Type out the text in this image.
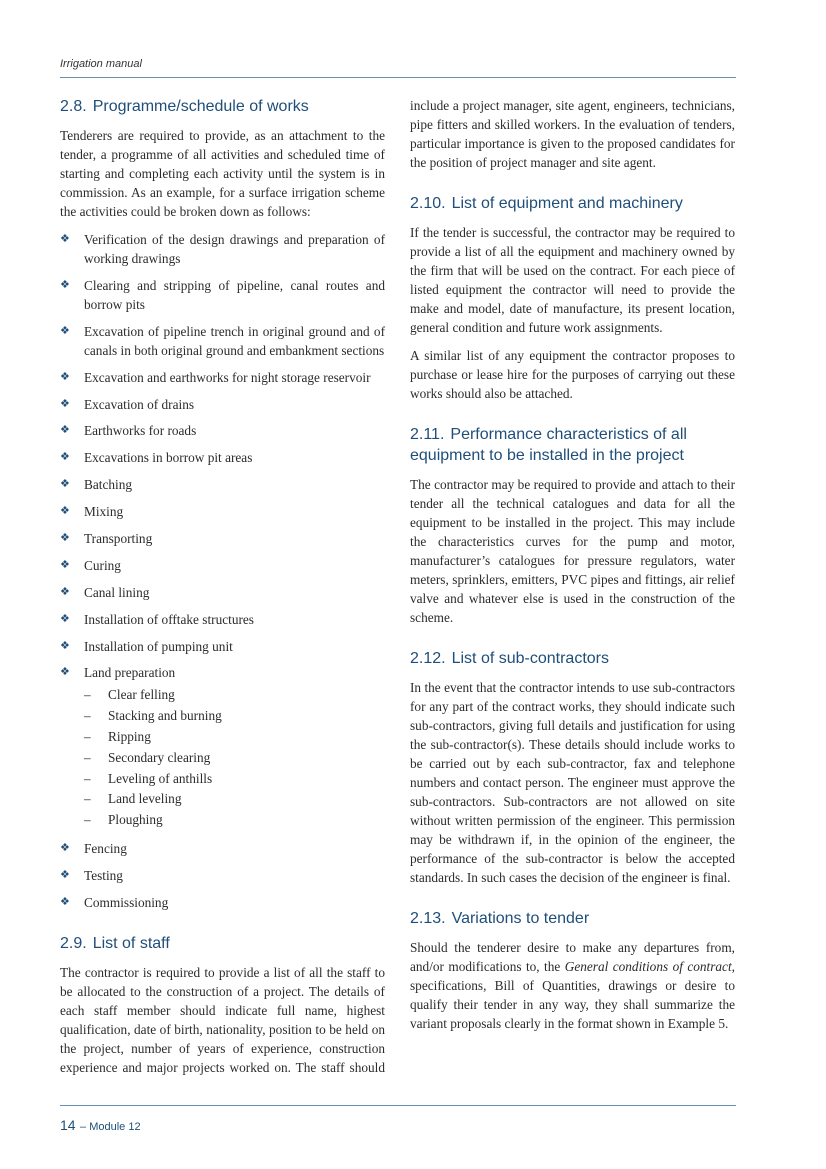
Irrigation manual
2.8. Programme/schedule of works

Tenderers are required to provide, as an attachment to the tender, a programme of all activities and scheduled time of starting and completing each activity until the system is in commission. As an example, for a surface irrigation scheme the activities could be broken down as follows:

❖ Verification of the design drawings and preparation of working drawings
❖ Clearing and stripping of pipeline, canal routes and borrow pits
❖ Excavation of pipeline trench in original ground and of canals in both original ground and embankment sections
❖ Excavation and earthworks for night storage reservoir
❖ Excavation of drains
❖ Earthworks for roads
❖ Excavations in borrow pit areas
❖ Batching
❖ Mixing
❖ Transporting
❖ Curing
❖ Canal lining
❖ Installation of offtake structures
❖ Installation of pumping unit
❖ Land preparation
– Clear felling
– Stacking and burning
– Ripping
– Secondary clearing
– Leveling of anthills
– Land leveling
– Ploughing
❖ Fencing
❖ Testing
❖ Commissioning
2.9. List of staff

The contractor is required to provide a list of all the staff to be allocated to the construction of a project. The details of each staff member should indicate full name, highest qualification, date of birth, nationality, position to be held on the project, number of years of experience, construction experience and major projects worked on. The staff should

include a project manager, site agent, engineers, technicians, pipe fitters and skilled workers. In the evaluation of tenders, particular importance is given to the proposed candidates for the position of project manager and site agent.

2.10. List of equipment and machinery

If the tender is successful, the contractor may be required to provide a list of all the equipment and machinery owned by the firm that will be used on the contract. For each piece of listed equipment the contractor will need to provide the make and model, date of manufacture, its present location, general condition and future work assignments.

A similar list of any equipment the contractor proposes to purchase or lease hire for the purposes of carrying out these works should also be attached.

2.11. Performance characteristics of all
equipment to be installed in the project

The contractor may be required to provide and attach to their tender all the technical catalogues and data for all the equipment to be installed in the project. This may include the characteristics curves for the pump and motor, manufacturer’s catalogues for pressure regulators, water meters, sprinklers, emitters, PVC pipes and fittings, air relief valve and whatever else is used in the construction of the scheme.

2.12. List of sub-contractors

In the event that the contractor intends to use sub-contractors for any part of the contract works, they should indicate such sub-contractors, giving full details and justification for using the sub-contractor(s). These details should include works to be carried out by each sub-contractor, fax and telephone numbers and contact person. The engineer must approve the sub-contractors. Sub-contractors are not allowed on site without written permission of the engineer. This permission may be withdrawn if, in the opinion of the engineer, the performance of the sub-contractor is below the accepted standards. In such cases the decision of the engineer is final.

2.13. Variations to tender

Should the tenderer desire to make any departures from, and/or modifications to, the General conditions of contract, specifications, Bill of Quantities, drawings or desire to qualify their tender in any way, they shall summarize the variant proposals clearly in the format shown in Example 5.

14 – Module 12
